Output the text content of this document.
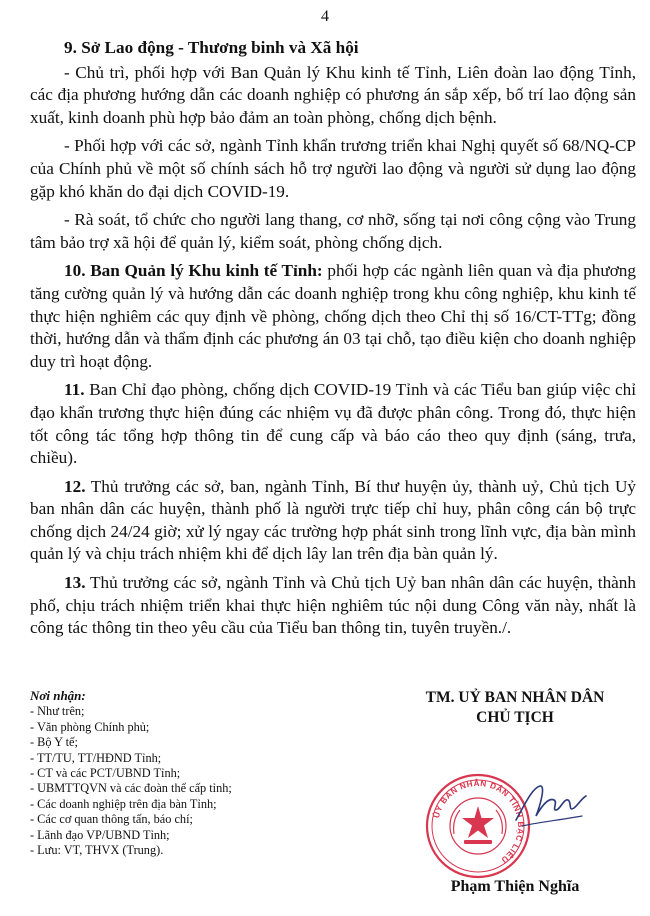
4

9. Sở Lao động - Thương binh và Xã hội

- Chủ trì, phối hợp với Ban Quản lý Khu kinh tế Tỉnh, Liên đoàn lao động Tỉnh, các địa phương hướng dẫn các doanh nghiệp có phương án sắp xếp, bố trí lao động sản xuất, kinh doanh phù hợp bảo đảm an toàn phòng, chống dịch bệnh.

- Phối hợp với các sở, ngành Tỉnh khẩn trương triển khai Nghị quyết số 68/NQ-CP của Chính phủ về một số chính sách hỗ trợ người lao động và người sử dụng lao động gặp khó khăn do đại dịch COVID-19.

- Rà soát, tổ chức cho người lang thang, cơ nhỡ, sống tại nơi công cộng vào Trung tâm bảo trợ xã hội để quản lý, kiểm soát, phòng chống dịch.

10. Ban Quản lý Khu kinh tế Tỉnh: phối hợp các ngành liên quan và địa phương tăng cường quản lý và hướng dẫn các doanh nghiệp trong khu công nghiệp, khu kinh tế thực hiện nghiêm các quy định về phòng, chống dịch theo Chỉ thị số 16/CT-TTg; đồng thời, hướng dẫn và thẩm định các phương án 03 tại chỗ, tạo điều kiện cho doanh nghiệp duy trì hoạt động.

11. Ban Chỉ đạo phòng, chống dịch COVID-19 Tỉnh và các Tiểu ban giúp việc chỉ đạo khẩn trương thực hiện đúng các nhiệm vụ đã được phân công. Trong đó, thực hiện tốt công tác tổng hợp thông tin để cung cấp và báo cáo theo quy định (sáng, trưa, chiều).

12. Thủ trưởng các sở, ban, ngành Tỉnh, Bí thư huyện ủy, thành uỷ, Chủ tịch Uỷ ban nhân dân các huyện, thành phố là người trực tiếp chỉ huy, phân công cán bộ trực chống dịch 24/24 giờ; xử lý ngay các trường hợp phát sinh trong lĩnh vực, địa bàn mình quản lý và chịu trách nhiệm khi để dịch lây lan trên địa bàn quản lý.

13. Thủ trưởng các sở, ngành Tỉnh và Chủ tịch Uỷ ban nhân dân các huyện, thành phố, chịu trách nhiệm triển khai thực hiện nghiêm túc nội dung Công văn này, nhất là công tác thông tin theo yêu cầu của Tiểu ban thông tin, tuyên truyền./.

Nơi nhận:
- Như trên;
- Văn phòng Chính phủ;
- Bộ Y tế;
- TT/TU, TT/HĐND Tỉnh;
- CT và các PCT/UBND Tỉnh;
- UBMTTQVN và các đoàn thể cấp tỉnh;
- Các doanh nghiệp trên địa bàn Tỉnh;
- Các cơ quan thông tấn, báo chí;
- Lãnh đạo VP/UBND Tỉnh;
- Lưu: VT, THVX (Trung).
TM. UỶ BAN NHÂN DÂN
CHỦ TỊCH
ỦY BAN NHÂN DÂN TỈNH BẠC LIÊU
Phạm Thiện Nghĩa
